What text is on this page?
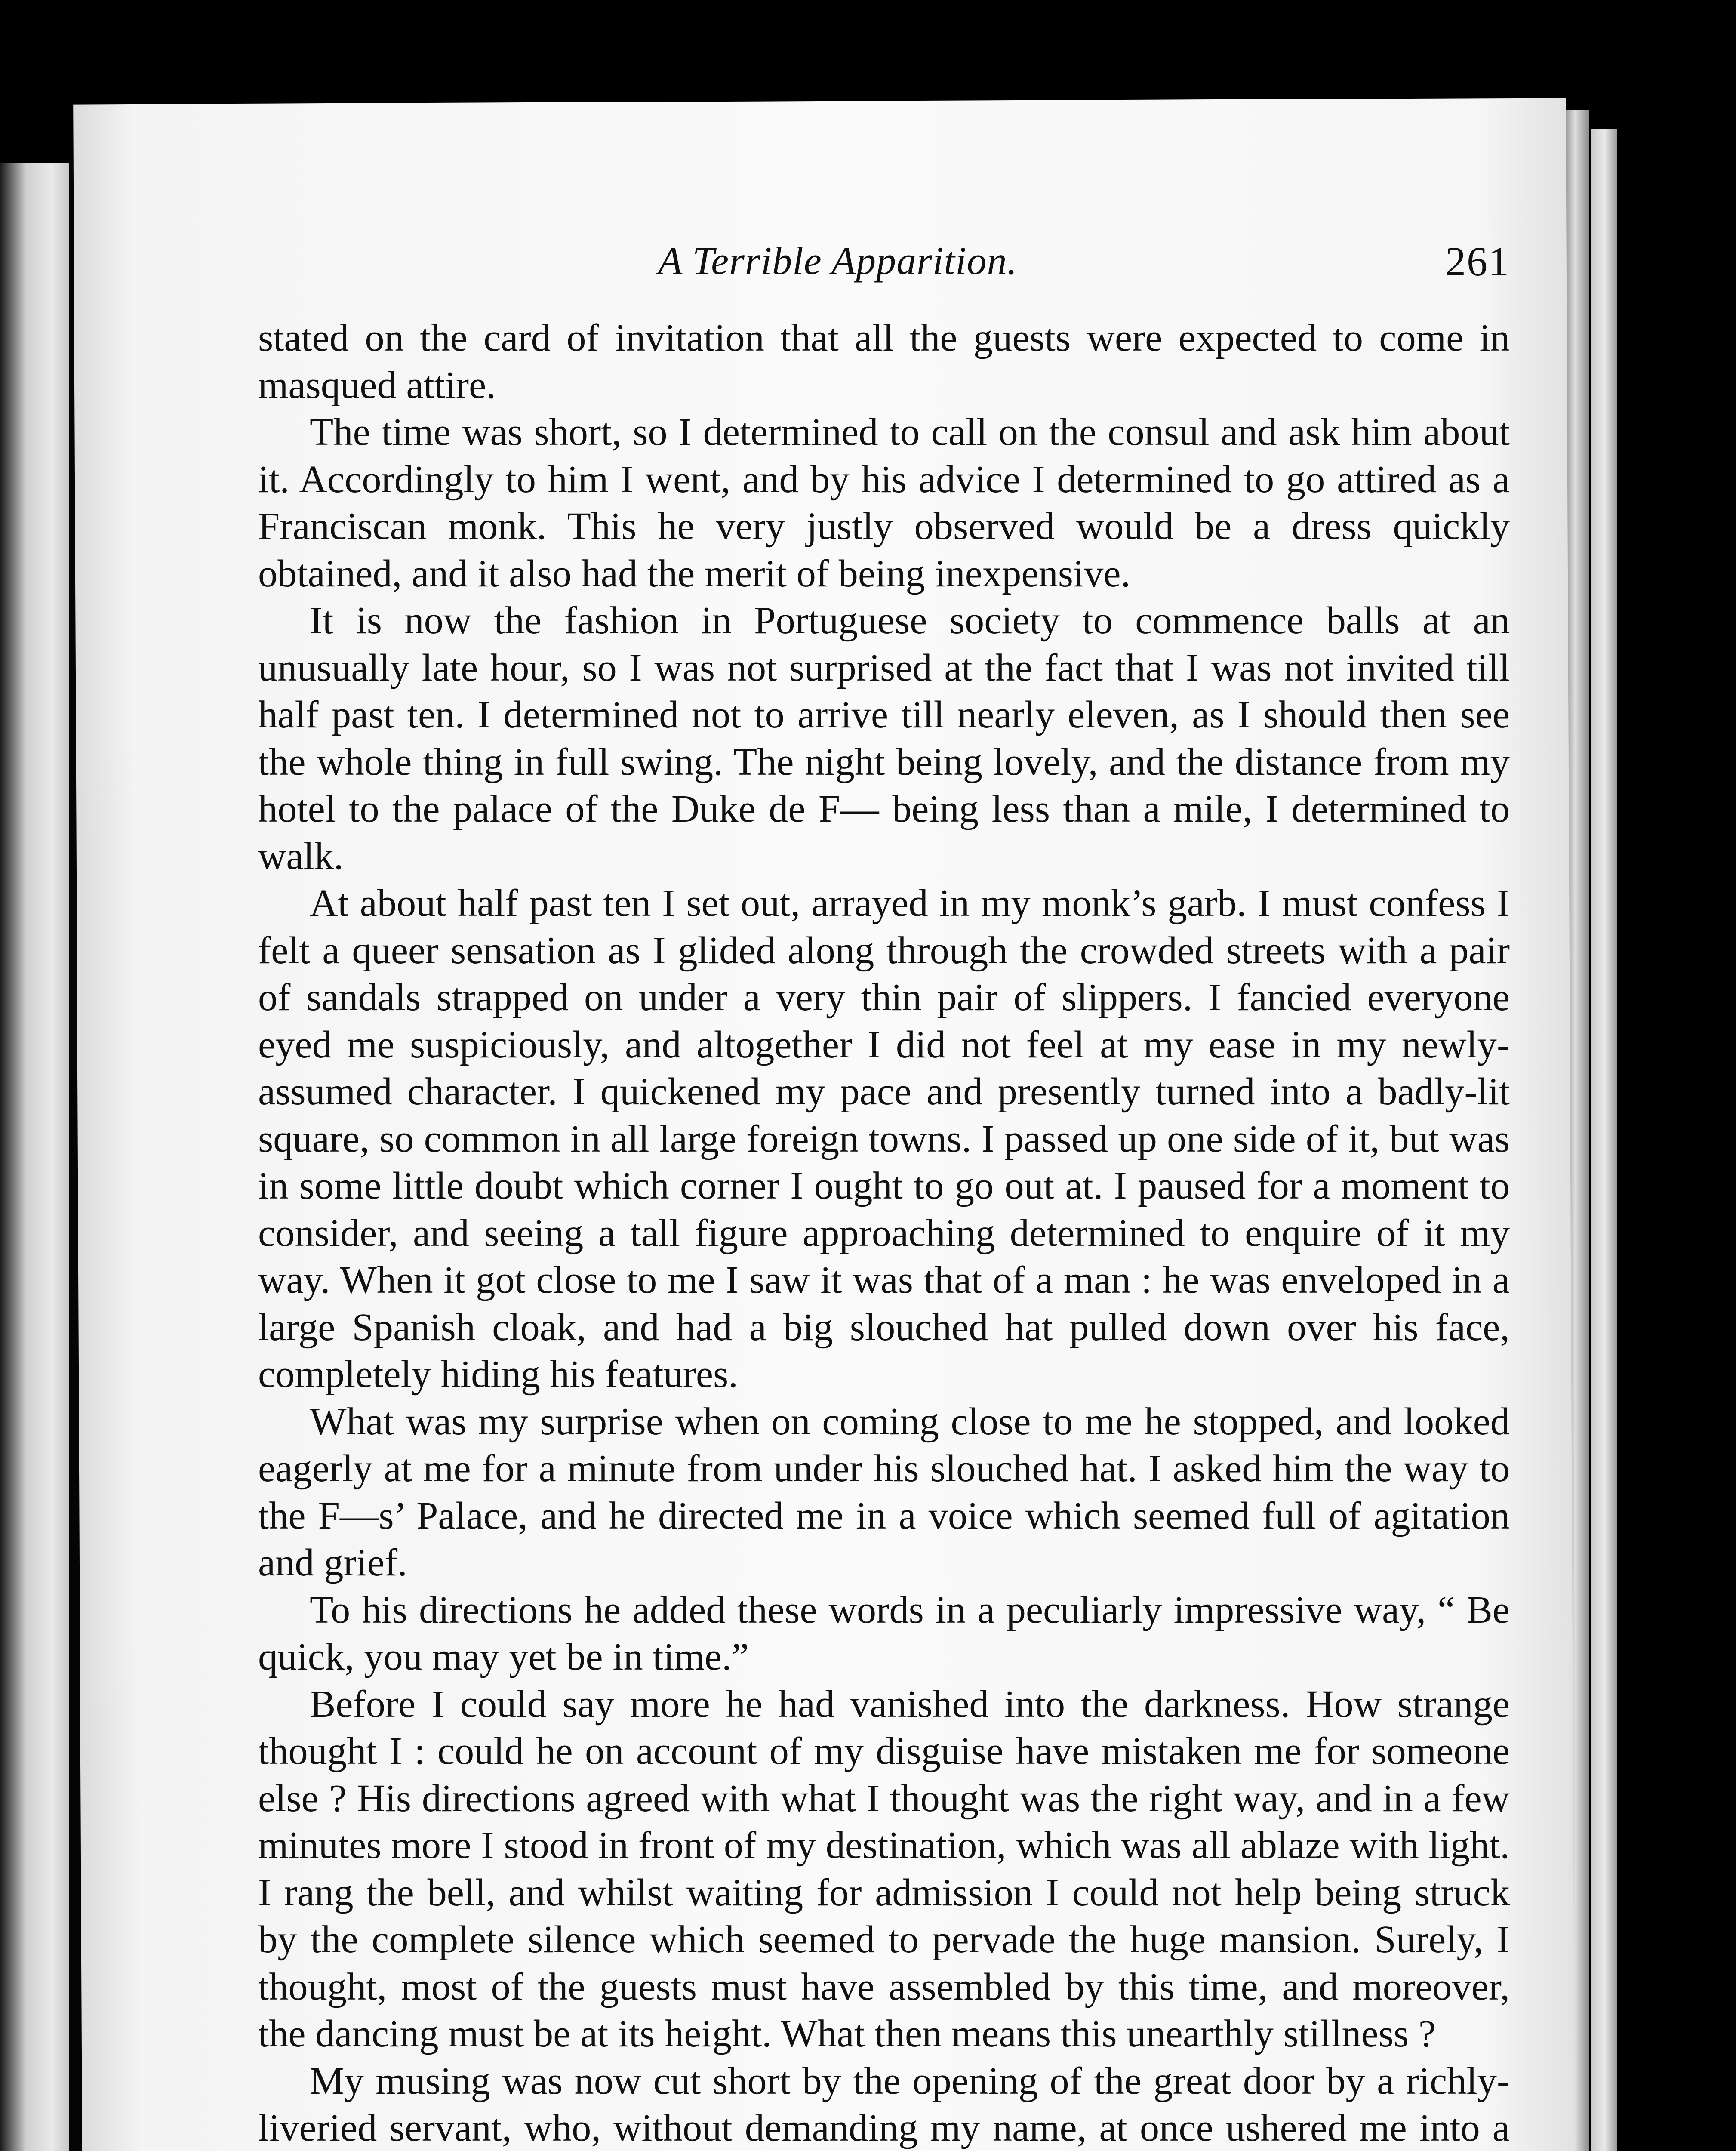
A Terrible Apparition.	261

stated on the card of invitation that all the guests were expected to come in masqued attire.

The time was short, so I determined to call on the consul and ask him about it. Accordingly to him I went, and by his advice I determined to go attired as a Franciscan monk. This he very justly observed would be a dress quickly obtained, and it also had the merit of being inexpensive.

It is now the fashion in Portuguese society to commence balls at an unusually late hour, so I was not surprised at the fact that I was not invited till half past ten. I determined not to arrive till nearly eleven, as I should then see the whole thing in full swing. The night being lovely, and the distance from my hotel to the palace of the Duke de F— being less than a mile, I determined to walk.

At about half past ten I set out, arrayed in my monk’s garb. I must confess I felt a queer sensation as I glided along through the crowded streets with a pair of sandals strapped on under a very thin pair of slippers. I fancied everyone eyed me suspiciously, and altogether I did not feel at my ease in my newly-assumed character. I quickened my pace and presently turned into a badly-lit square, so common in all large foreign towns. I passed up one side of it, but was in some little doubt which corner I ought to go out at. I paused for a moment to consider, and seeing a tall figure approaching determined to enquire of it my way. When it got close to me I saw it was that of a man : he was enveloped in a large Spanish cloak, and had a big slouched hat pulled down over his face, completely hiding his features.

What was my surprise when on coming close to me he stopped, and looked eagerly at me for a minute from under his slouched hat. I asked him the way to the F—s’ Palace, and he directed me in a voice which seemed full of agitation and grief.

To his directions he added these words in a peculiarly impressive way, “ Be quick, you may yet be in time.”

Before I could say more he had vanished into the darkness. How strange thought I : could he on account of my disguise have mistaken me for someone else ? His directions agreed with what I thought was the right way, and in a few minutes more I stood in front of my destination, which was all ablaze with light. I rang the bell, and whilst waiting for admission I could not help being struck by the complete silence which seemed to pervade the huge mansion. Surely, I thought, most of the guests must have assembled by this time, and moreover, the dancing must be at its height. What then means this unearthly stillness ?

My musing was now cut short by the opening of the great door by a richly-liveried servant, who, without demanding my name, at once ushered me into a
